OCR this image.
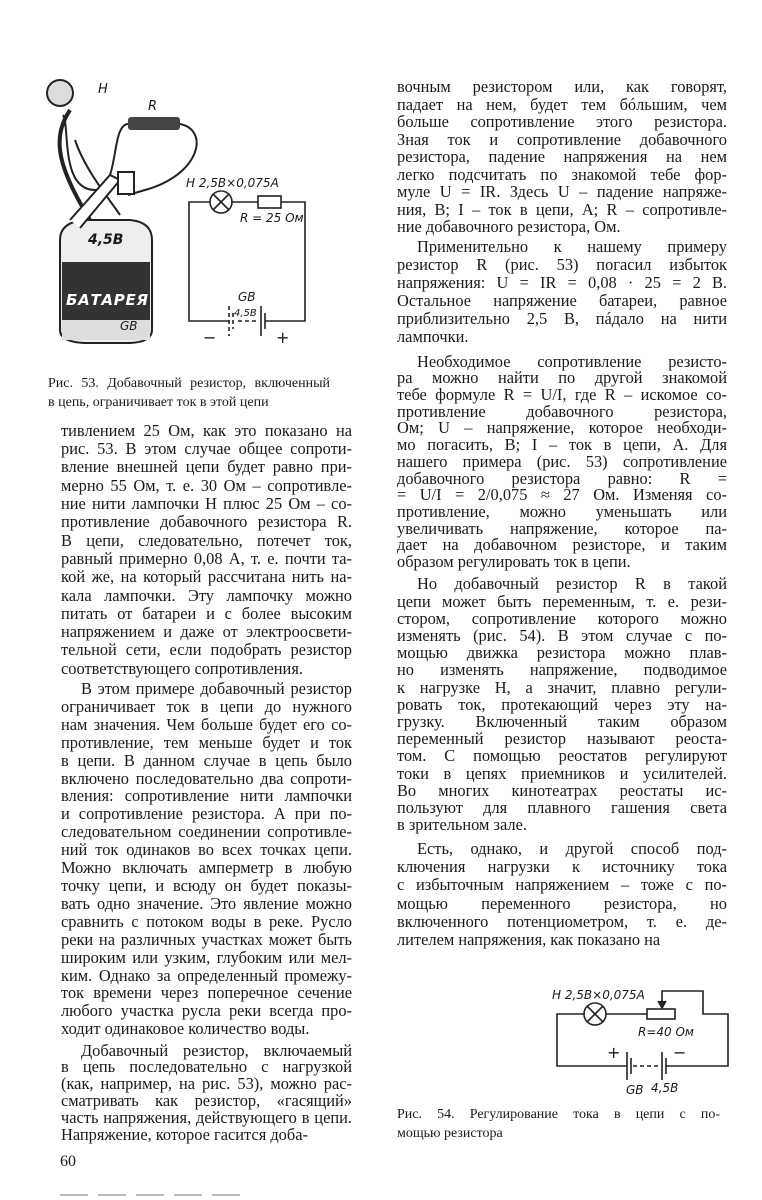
H
R
4,5В
БАТАРЕЯ
GB
H 2,5В×0,075А
R = 25 Ом
GB
4,5В
−	+
Рис. 53. Добавочный резистор, включенный
в цепь, ограничивает ток в этой цепи
H 2,5В×0,075А
R=40 Ом
+	−
GB 4,5В
Рис. 54. Регулирование тока в цепи с по-
мощью резистора
тивлением 25 Ом, как это показано на
рис. 53. В этом случае общее сопроти-
вление внешней цепи будет равно при-
мерно 55 Ом, т. е. 30 Ом – сопротивле-
ние нити лампочки Н плюс 25 Ом – со-
противление добавочного резистора R.
В цепи, следовательно, потечет ток,
равный примерно 0,08 А, т. е. почти та-
кой же, на который рассчитана нить на-
кала лампочки. Эту лампочку можно
питать от батареи и с более высоким
напряжением и даже от электроосвети-
тельной сети, если подобрать резистор
соответствующего сопротивления.
В этом примере добавочный резистор
ограничивает ток в цепи до нужного
нам значения. Чем больше будет его со-
противление, тем меньше будет и ток
в цепи. В данном случае в цепь было
включено последовательно два сопроти-
вления: сопротивление нити лампочки
и сопротивление резистора. А при по-
следовательном соединении сопротивле-
ний ток одинаков во всех точках цепи.
Можно включать амперметр в любую
точку цепи, и всюду он будет показы-
вать одно значение. Это явление можно
сравнить с потоком воды в реке. Русло
реки на различных участках может быть
широким или узким, глубоким или мел-
ким. Однако за определенный промежу-
ток времени через поперечное сечение
любого участка русла реки всегда про-
ходит одинаковое количество воды.
Добавочный резистор, включаемый
в цепь последовательно с нагрузкой
(как, например, на рис. 53), можно рас-
сматривать как резистор, «гасящий»
часть напряжения, действующего в цепи.
Напряжение, которое гасится доба-
вочным резистором или, как говорят,
падает на нем, будет тем бóльшим, чем
больше сопротивление этого резистора.
Зная ток и сопротивление добавочного
резистора, падение напряжения на нем
легко подсчитать по знакомой тебе фор-
муле U = IR. Здесь U – падение напряже-
ния, В; I – ток в цепи, А; R – сопротивле-
ние добавочного резистора, Ом.
Применительно к нашему примеру
резистор R (рис. 53) погасил избыток
напряжения: U = IR = 0,08 · 25 = 2 В.
Остальное напряжение батареи, равное
приблизительно 2,5 В, пáдало на нити
лампочки.
Необходимое сопротивление резисто-
ра можно найти по другой знакомой
тебе формуле R = U/I, где R – искомое со-
противление добавочного резистора,
Ом; U – напряжение, которое необходи-
мо погасить, В; I – ток в цепи, А. Для
нашего примера (рис. 53) сопротивление
добавочного резистора равно: R =
= U/I = 2/0,075 ≈ 27 Ом. Изменяя со-
противление, можно уменьшать или
увеличивать напряжение, которое па-
дает на добавочном резисторе, и таким
образом регулировать ток в цепи.
Но добавочный резистор R в такой
цепи может быть переменным, т. е. рези-
стором, сопротивление которого можно
изменять (рис. 54). В этом случае с по-
мощью движка резистора можно плав-
но изменять напряжение, подводимое
к нагрузке Н, а значит, плавно регули-
ровать ток, протекающий через эту на-
грузку. Включенный таким образом
переменный резистор называют реоста-
том. С помощью реостатов регулируют
токи в цепях приемников и усилителей.
Во многих кинотеатрах реостаты ис-
пользуют для плавного гашения света
в зрительном зале.
Есть, однако, и другой способ под-
ключения нагрузки к источнику тока
с избыточным напряжением – тоже с по-
мощью переменного резистора, но
включенного потенциометром, т. е. де-
лителем напряжения, как показано на
60
